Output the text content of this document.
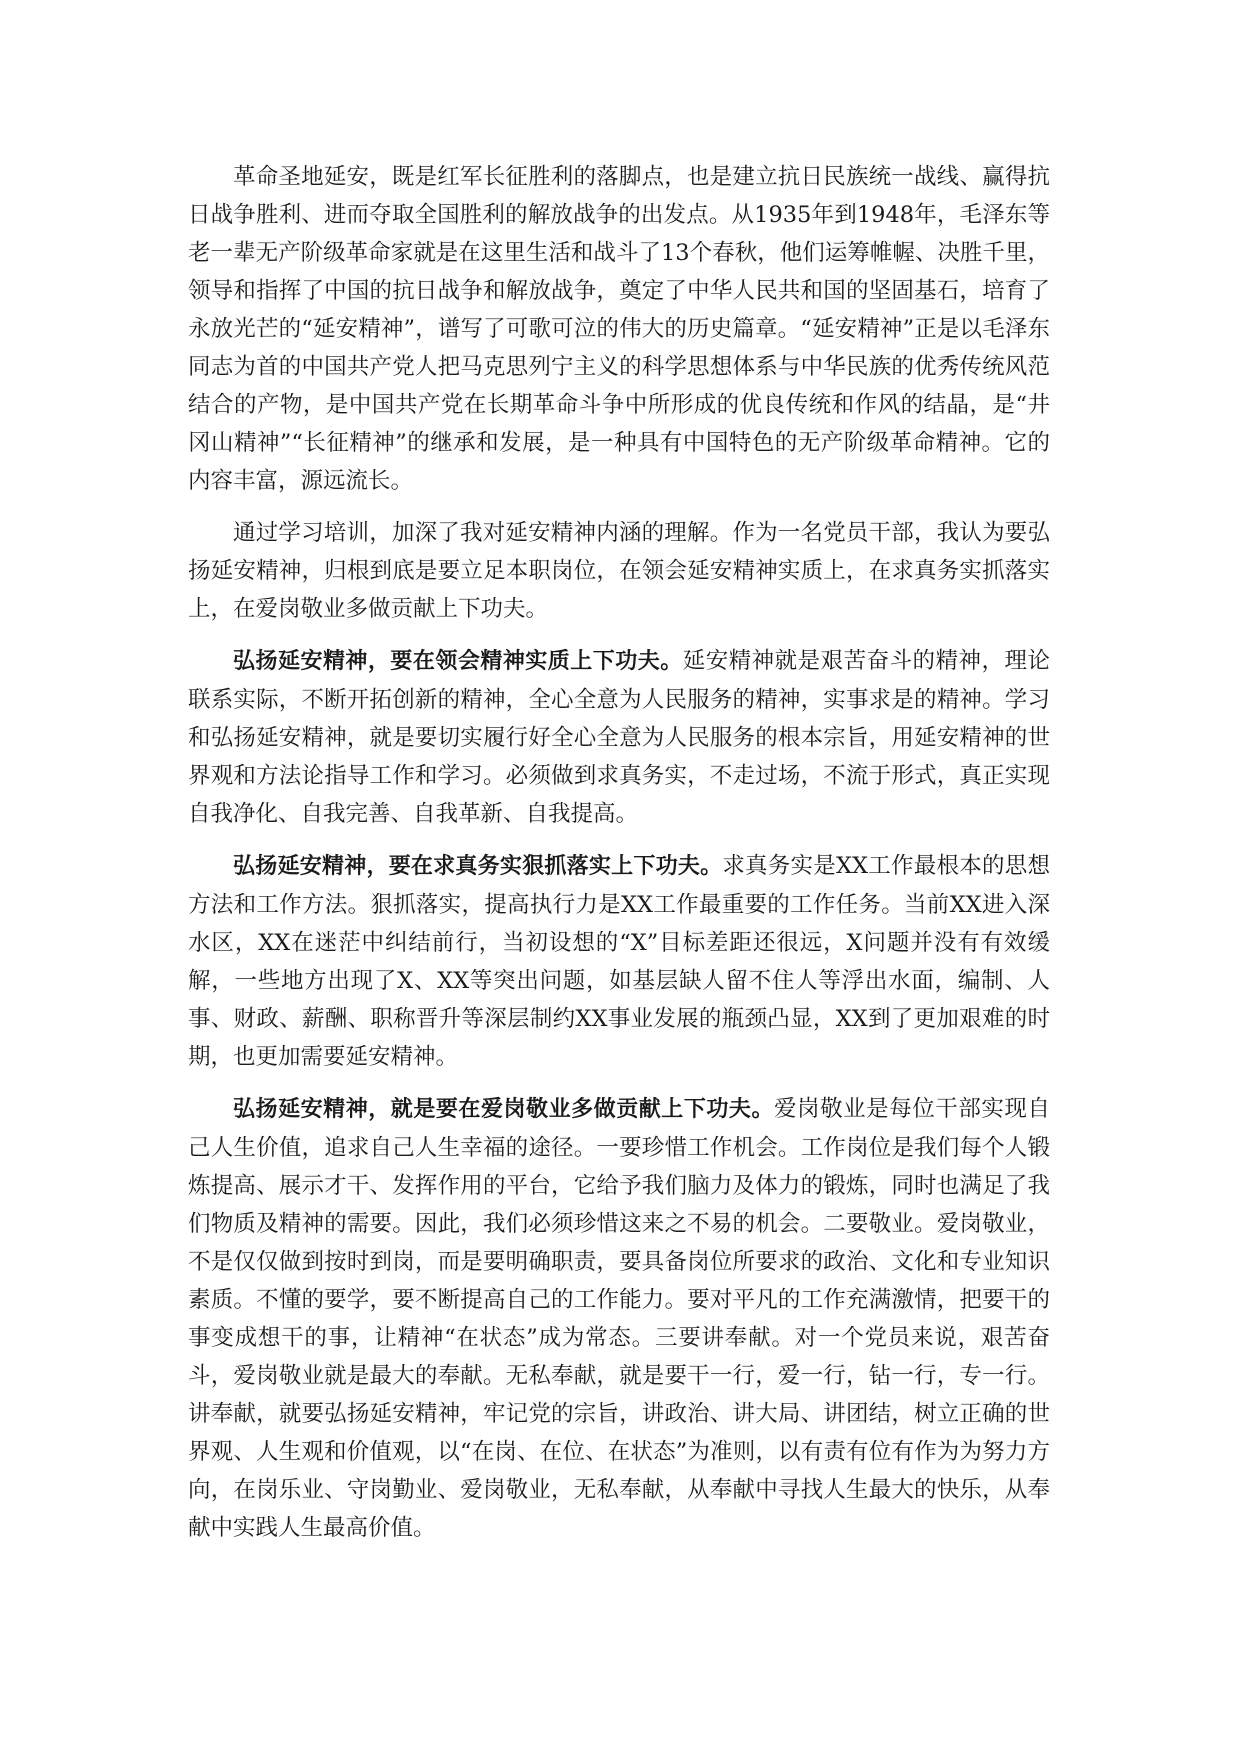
革命圣地延安，既是红军长征胜利的落脚点，也是建立抗日民族统一战线、赢得抗日战争胜利、进而夺取全国胜利的解放战争的出发点。从1935年到1948年，毛泽东等老一辈无产阶级革命家就是在这里生活和战斗了13个春秋，他们运筹帷幄、决胜千里，领导和指挥了中国的抗日战争和解放战争，奠定了中华人民共和国的坚固基石，培育了永放光芒的“延安精神”，谱写了可歌可泣的伟大的历史篇章。“延安精神”正是以毛泽东同志为首的中国共产党人把马克思列宁主义的科学思想体系与中华民族的优秀传统风范结合的产物，是中国共产党在长期革命斗争中所形成的优良传统和作风的结晶，是“井冈山精神”“长征精神”的继承和发展，是一种具有中国特色的无产阶级革命精神。它的内容丰富，源远流长。

通过学习培训，加深了我对延安精神内涵的理解。作为一名党员干部，我认为要弘扬延安精神，归根到底是要立足本职岗位，在领会延安精神实质上，在求真务实抓落实上，在爱岗敬业多做贡献上下功夫。

弘扬延安精神，要在领会精神实质上下功夫。延安精神就是艰苦奋斗的精神，理论联系实际，不断开拓创新的精神，全心全意为人民服务的精神，实事求是的精神。学习和弘扬延安精神，就是要切实履行好全心全意为人民服务的根本宗旨，用延安精神的世界观和方法论指导工作和学习。必须做到求真务实，不走过场，不流于形式，真正实现自我净化、自我完善、自我革新、自我提高。

弘扬延安精神，要在求真务实狠抓落实上下功夫。求真务实是XX工作最根本的思想方法和工作方法。狠抓落实，提高执行力是XX工作最重要的工作任务。当前XX进入深水区，XX在迷茫中纠结前行，当初设想的“X”目标差距还很远，X问题并没有有效缓解，一些地方出现了X、XX等突出问题，如基层缺人留不住人等浮出水面，编制、人事、财政、薪酬、职称晋升等深层制约XX事业发展的瓶颈凸显，XX到了更加艰难的时期，也更加需要延安精神。

弘扬延安精神，就是要在爱岗敬业多做贡献上下功夫。爱岗敬业是每位干部实现自己人生价值，追求自己人生幸福的途径。一要珍惜工作机会。工作岗位是我们每个人锻炼提高、展示才干、发挥作用的平台，它给予我们脑力及体力的锻炼，同时也满足了我们物质及精神的需要。因此，我们必须珍惜这来之不易的机会。二要敬业。爱岗敬业，不是仅仅做到按时到岗，而是要明确职责，要具备岗位所要求的政治、文化和专业知识素质。不懂的要学，要不断提高自己的工作能力。要对平凡的工作充满激情，把要干的事变成想干的事，让精神“在状态”成为常态。三要讲奉献。对一个党员来说，艰苦奋斗，爱岗敬业就是最大的奉献。无私奉献，就是要干一行，爱一行，钻一行，专一行。讲奉献，就要弘扬延安精神，牢记党的宗旨，讲政治、讲大局、讲团结，树立正确的世界观、人生观和价值观，以“在岗、在位、在状态”为准则，以有责有位有作为为努力方向，在岗乐业、守岗勤业、爱岗敬业，无私奉献，从奉献中寻找人生最大的快乐，从奉献中实践人生最高价值。
